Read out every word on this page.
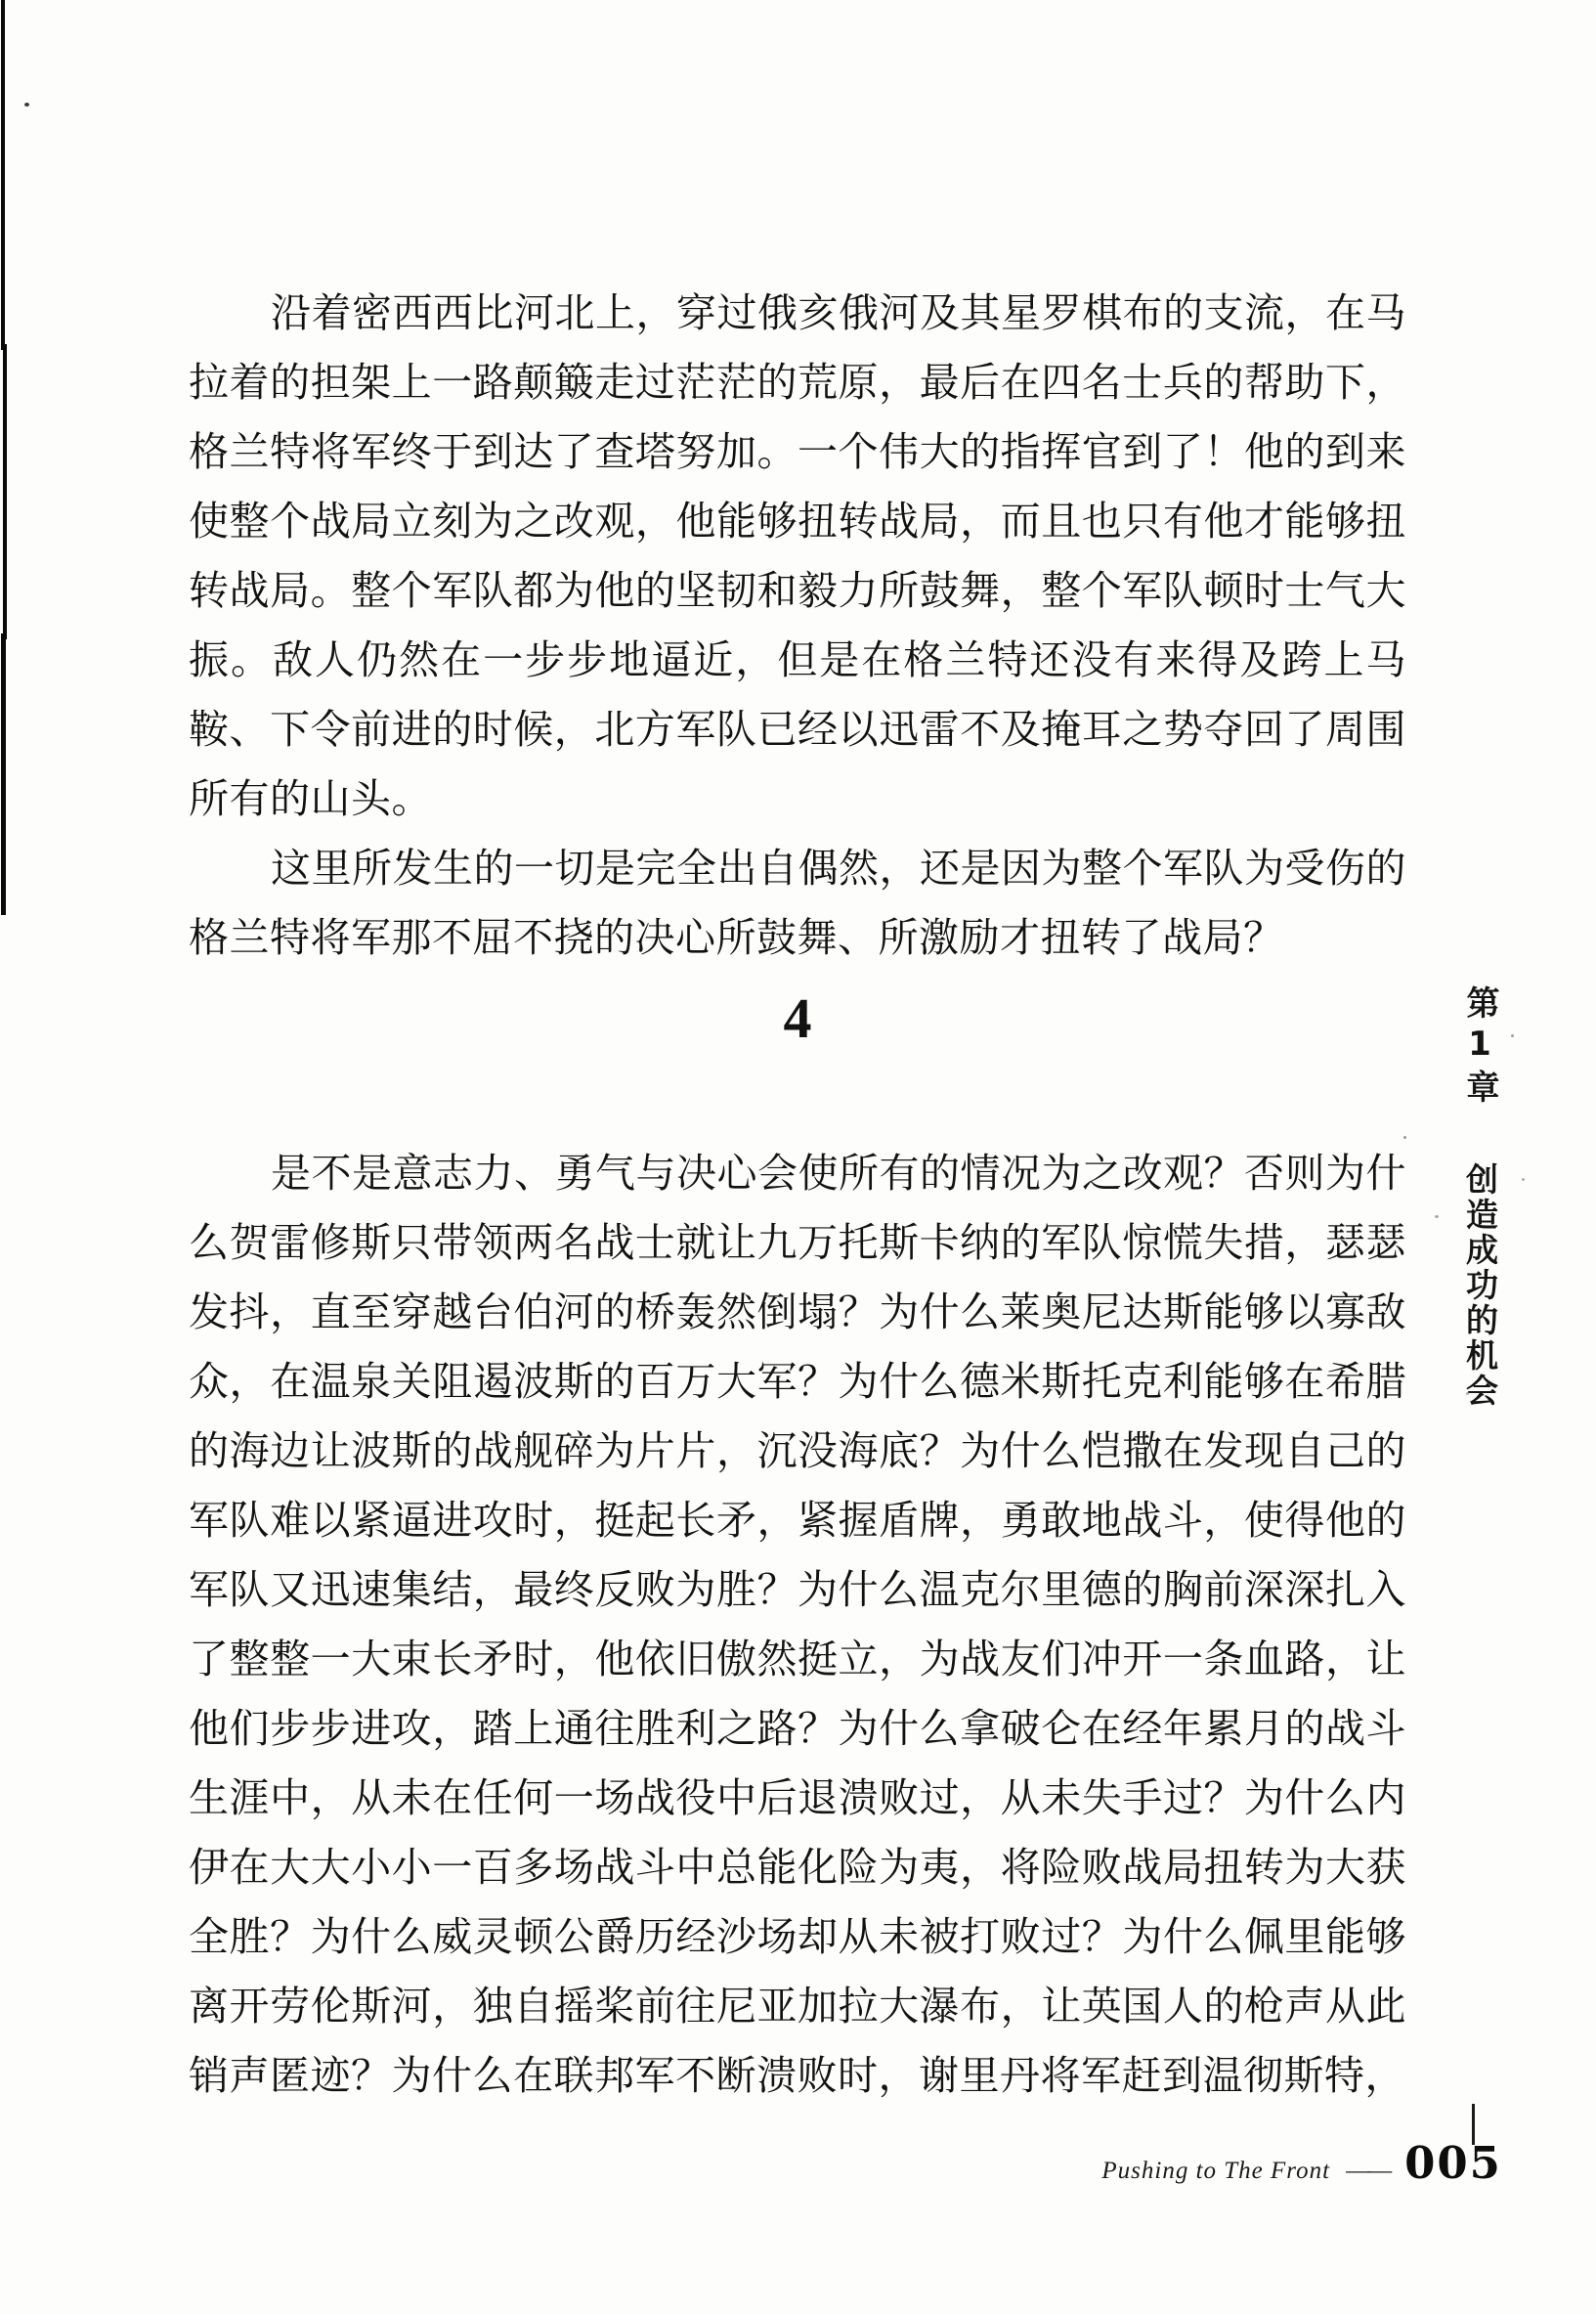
沿着密西西比河北上，穿过俄亥俄河及其星罗棋布的支流，在马
拉着的担架上一路颠簸走过茫茫的荒原，最后在四名士兵的帮助下，
格兰特将军终于到达了查塔努加。一个伟大的指挥官到了！他的到来
使整个战局立刻为之改观，他能够扭转战局，而且也只有他才能够扭
转战局。整个军队都为他的坚韧和毅力所鼓舞，整个军队顿时士气大
振。敌人仍然在一步步地逼近，但是在格兰特还没有来得及跨上马
鞍、下令前进的时候，北方军队已经以迅雷不及掩耳之势夺回了周围
所有的山头。
这里所发生的一切是完全出自偶然，还是因为整个军队为受伤的
格兰特将军那不屈不挠的决心所鼓舞、所激励才扭转了战局？
4
是不是意志力、勇气与决心会使所有的情况为之改观？否则为什
么贺雷修斯只带领两名战士就让九万托斯卡纳的军队惊慌失措，瑟瑟
发抖，直至穿越台伯河的桥轰然倒塌？为什么莱奥尼达斯能够以寡敌
众，在温泉关阻遏波斯的百万大军？为什么德米斯托克利能够在希腊
的海边让波斯的战舰碎为片片，沉没海底？为什么恺撒在发现自己的
军队难以紧逼进攻时，挺起长矛，紧握盾牌，勇敢地战斗，使得他的
军队又迅速集结，最终反败为胜？为什么温克尔里德的胸前深深扎入
了整整一大束长矛时，他依旧傲然挺立，为战友们冲开一条血路，让
他们步步进攻，踏上通往胜利之路？为什么拿破仑在经年累月的战斗
生涯中，从未在任何一场战役中后退溃败过，从未失手过？为什么内
伊在大大小小一百多场战斗中总能化险为夷，将险败战局扭转为大获
全胜？为什么威灵顿公爵历经沙场却从未被打败过？为什么佩里能够
离开劳伦斯河，独自摇桨前往尼亚加拉大瀑布，让英国人的枪声从此
销声匿迹？为什么在联邦军不断溃败时，谢里丹将军赶到温彻斯特，
第1章 创造成功的机会
Pushing to The Front —— 005
